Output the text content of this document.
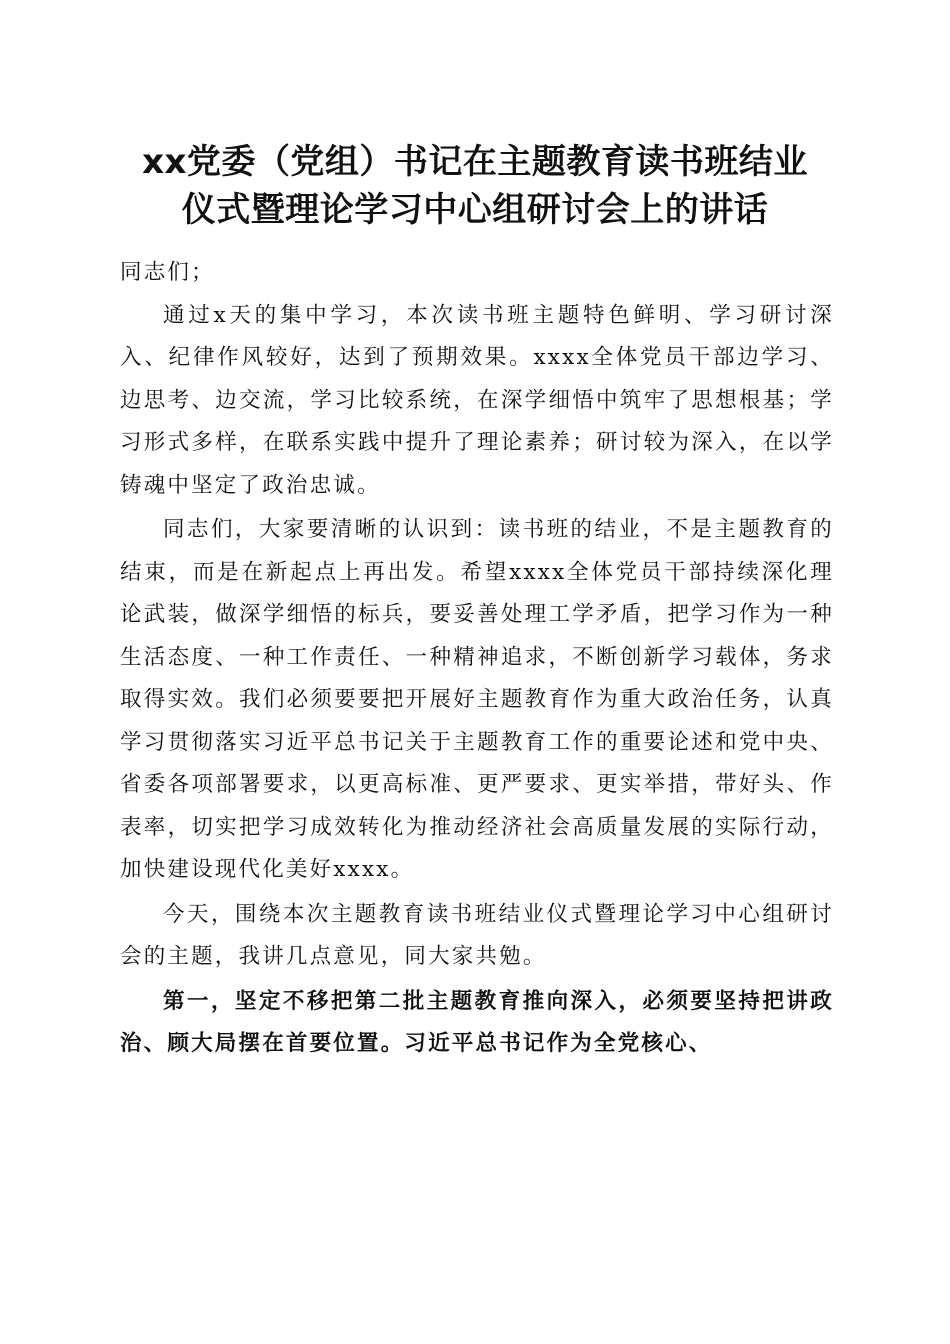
xx党委（党组）书记在主题教育读书班结业
仪式暨理论学习中心组研讨会上的讲话

同志们；

通过x天的集中学习，本次读书班主题特色鲜明、学习研讨深入、纪律作风较好，达到了预期效果。xxxx全体党员干部边学习、边思考、边交流，学习比较系统，在深学细悟中筑牢了思想根基；学习形式多样，在联系实践中提升了理论素养；研讨较为深入，在以学铸魂中坚定了政治忠诚。

同志们，大家要清晰的认识到：读书班的结业，不是主题教育的结束，而是在新起点上再出发。希望xxxx全体党员干部持续深化理论武装，做深学细悟的标兵，要妥善处理工学矛盾，把学习作为一种生活态度、一种工作责任、一种精神追求，不断创新学习载体，务求取得实效。我们必须要要把开展好主题教育作为重大政治任务，认真学习贯彻落实习近平总书记关于主题教育工作的重要论述和党中央、省委各项部署要求，以更高标准、更严要求、更实举措，带好头、作表率，切实把学习成效转化为推动经济社会高质量发展的实际行动，加快建设现代化美好xxxx。

今天，围绕本次主题教育读书班结业仪式暨理论学习中心组研讨会的主题，我讲几点意见，同大家共勉。

第一，坚定不移把第二批主题教育推向深入，必须要坚持把讲政治、顾大局摆在首要位置。习近平总书记作为全党核心、
